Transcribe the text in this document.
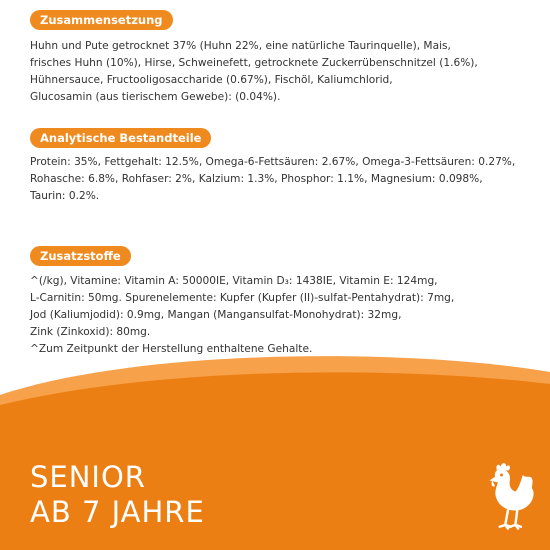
Zusammensetzung

Huhn und Pute getrocknet 37% (Huhn 22%, eine natürliche Taurinquelle), Mais,
frisches Huhn (10%), Hirse, Schweinefett, getrocknete Zuckerrübenschnitzel (1.6%),
Hühnersauce, Fructooligosaccharide (0.67%), Fischöl, Kaliumchlorid,
Glucosamin (aus tierischem Gewebe): (0.04%).

Analytische Bestandteile

Protein: 35%, Fettgehalt: 12.5%, Omega-6-Fettsäuren: 2.67%, Omega-3-Fettsäuren: 0.27%,
Rohasche: 6.8%, Rohfaser: 2%, Kalzium: 1.3%, Phosphor: 1.1%, Magnesium: 0.098%,
Taurin: 0.2%.

Zusatzstoffe

^(/kg), Vitamine: Vitamin A: 50000IE, Vitamin D₃: 1438IE, Vitamin E: 124mg,
L-Carnitin: 50mg. Spurenelemente: Kupfer (Kupfer (II)-sulfat-Pentahydrat): 7mg,
Jod (Kaliumjodid): 0.9mg, Mangan (Mangansulfat-Monohydrat): 32mg,
Zink (Zinkoxid): 80mg.
^Zum Zeitpunkt der Herstellung enthaltene Gehalte.

SENIOR
AB 7 JAHRE
